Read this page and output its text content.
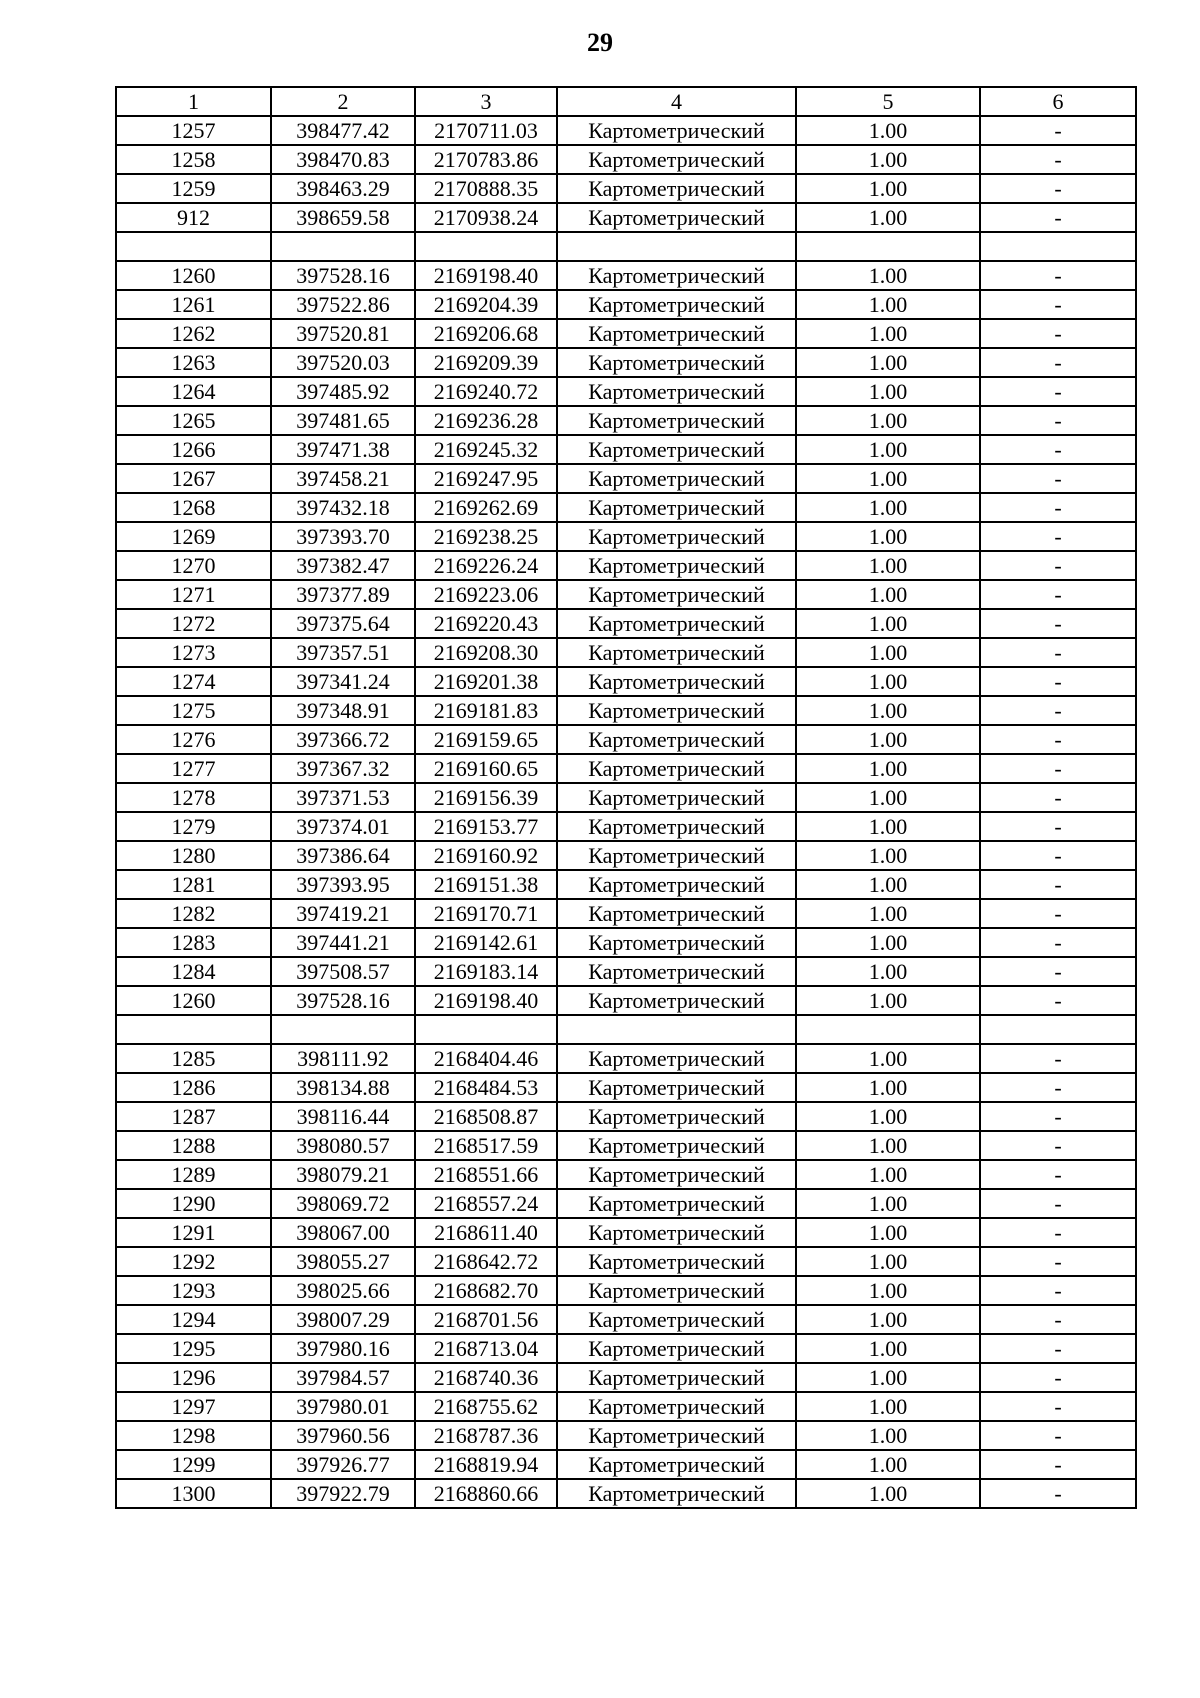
29
1	2	3	4	5	6
1257	398477.42	2170711.03	Картометрический	1.00	-
1258	398470.83	2170783.86	Картометрический	1.00	-
1259	398463.29	2170888.35	Картометрический	1.00	-
912	398659.58	2170938.24	Картометрический	1.00	-

1260	397528.16	2169198.40	Картометрический	1.00	-
1261	397522.86	2169204.39	Картометрический	1.00	-
1262	397520.81	2169206.68	Картометрический	1.00	-
1263	397520.03	2169209.39	Картометрический	1.00	-
1264	397485.92	2169240.72	Картометрический	1.00	-
1265	397481.65	2169236.28	Картометрический	1.00	-
1266	397471.38	2169245.32	Картометрический	1.00	-
1267	397458.21	2169247.95	Картометрический	1.00	-
1268	397432.18	2169262.69	Картометрический	1.00	-
1269	397393.70	2169238.25	Картометрический	1.00	-
1270	397382.47	2169226.24	Картометрический	1.00	-
1271	397377.89	2169223.06	Картометрический	1.00	-
1272	397375.64	2169220.43	Картометрический	1.00	-
1273	397357.51	2169208.30	Картометрический	1.00	-
1274	397341.24	2169201.38	Картометрический	1.00	-
1275	397348.91	2169181.83	Картометрический	1.00	-
1276	397366.72	2169159.65	Картометрический	1.00	-
1277	397367.32	2169160.65	Картометрический	1.00	-
1278	397371.53	2169156.39	Картометрический	1.00	-
1279	397374.01	2169153.77	Картометрический	1.00	-
1280	397386.64	2169160.92	Картометрический	1.00	-
1281	397393.95	2169151.38	Картометрический	1.00	-
1282	397419.21	2169170.71	Картометрический	1.00	-
1283	397441.21	2169142.61	Картометрический	1.00	-
1284	397508.57	2169183.14	Картометрический	1.00	-
1260	397528.16	2169198.40	Картометрический	1.00	-

1285	398111.92	2168404.46	Картометрический	1.00	-
1286	398134.88	2168484.53	Картометрический	1.00	-
1287	398116.44	2168508.87	Картометрический	1.00	-
1288	398080.57	2168517.59	Картометрический	1.00	-
1289	398079.21	2168551.66	Картометрический	1.00	-
1290	398069.72	2168557.24	Картометрический	1.00	-
1291	398067.00	2168611.40	Картометрический	1.00	-
1292	398055.27	2168642.72	Картометрический	1.00	-
1293	398025.66	2168682.70	Картометрический	1.00	-
1294	398007.29	2168701.56	Картометрический	1.00	-
1295	397980.16	2168713.04	Картометрический	1.00	-
1296	397984.57	2168740.36	Картометрический	1.00	-
1297	397980.01	2168755.62	Картометрический	1.00	-
1298	397960.56	2168787.36	Картометрический	1.00	-
1299	397926.77	2168819.94	Картометрический	1.00	-
1300	397922.79	2168860.66	Картометрический	1.00	-
